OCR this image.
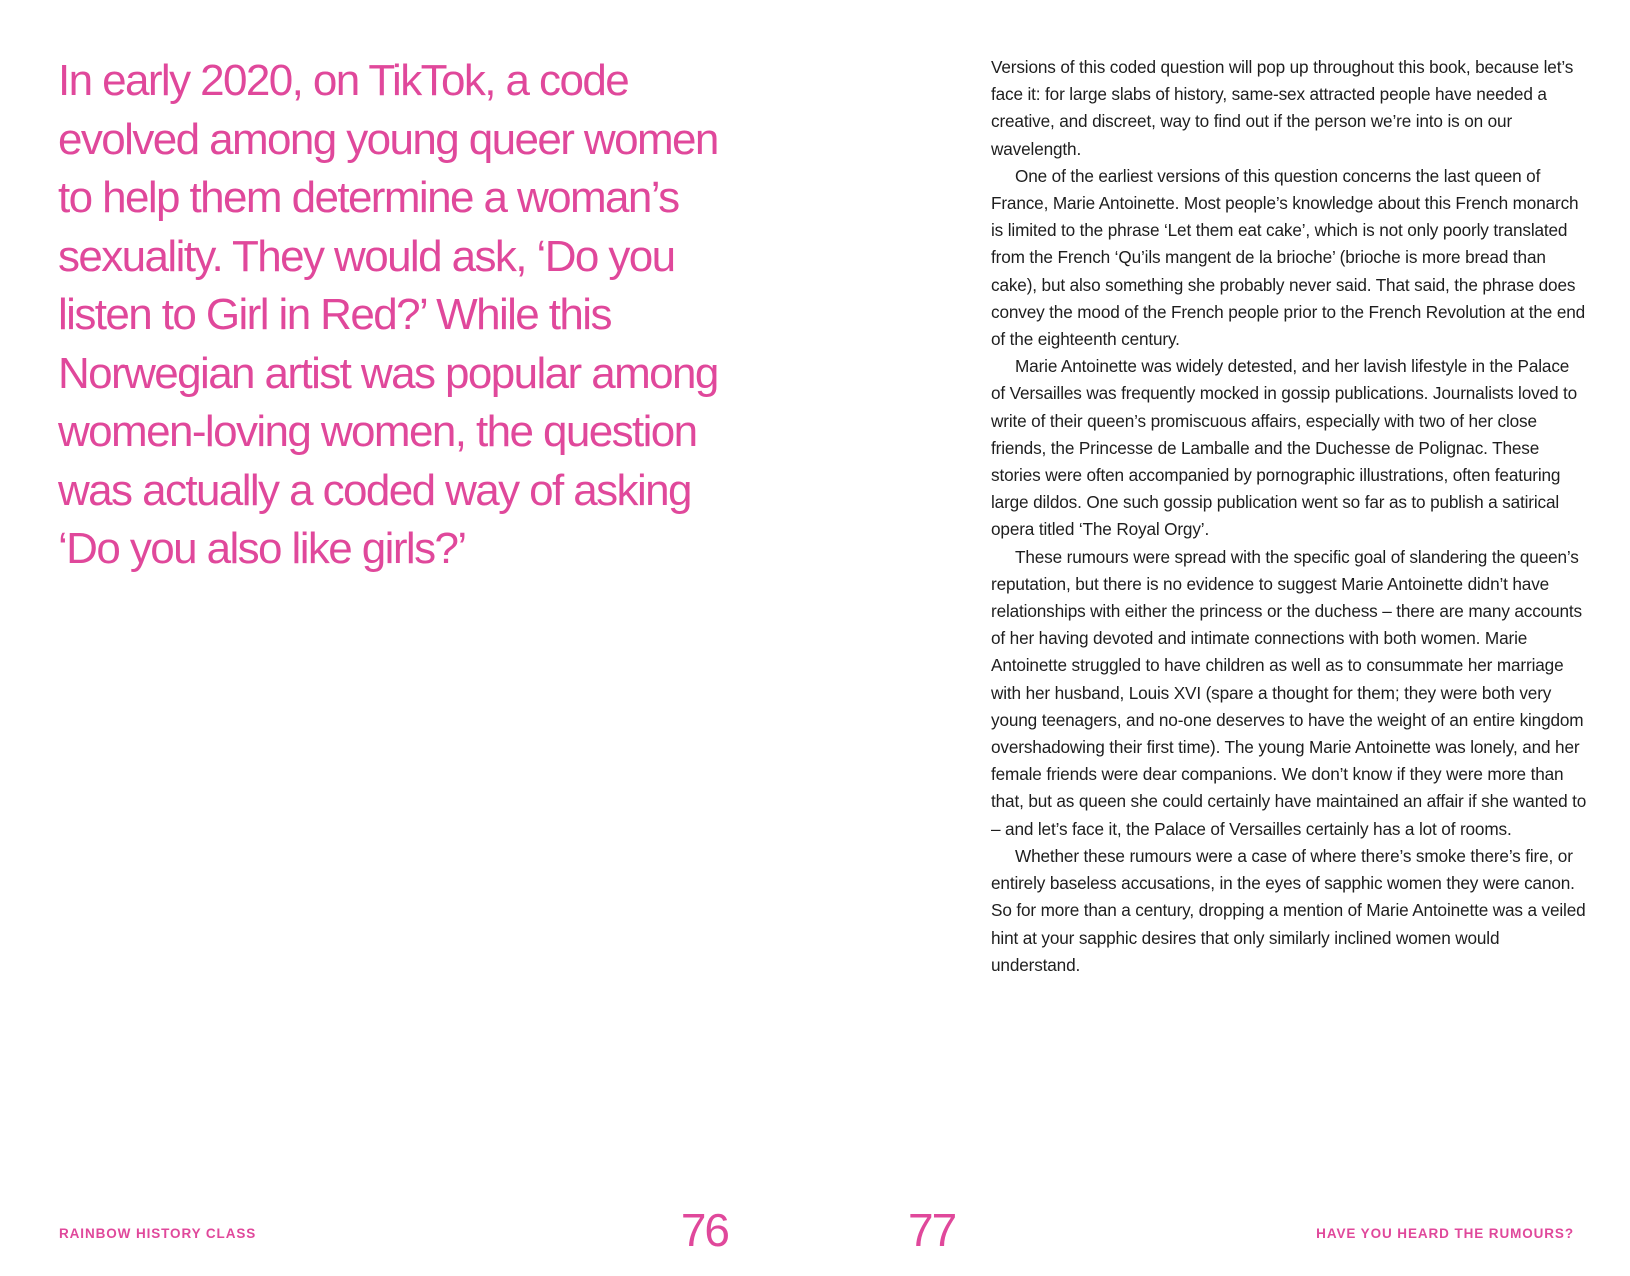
In early 2020, on TikTok, a code evolved among young queer women to help them determine a woman’s sexuality. They would ask, ‘Do you listen to Girl in Red?’ While this Norwegian artist was popular among women-loving women, the question was actually a coded way of asking ‘Do you also like girls?’

RAINBOW HISTORY CLASS	76

Versions of this coded question will pop up throughout this book, because let’s face it: for large slabs of history, same-sex attracted people have needed a creative, and discreet, way to find out if the person we’re into is on our wavelength.

One of the earliest versions of this question concerns the last queen of France, Marie Antoinette. Most people’s knowledge about this French monarch is limited to the phrase ‘Let them eat cake’, which is not only poorly translated from the French ‘Qu’ils mangent de la brioche’ (brioche is more bread than cake), but also something she probably never said. That said, the phrase does convey the mood of the French people prior to the French Revolution at the end of the eighteenth century.

Marie Antoinette was widely detested, and her lavish lifestyle in the Palace of Versailles was frequently mocked in gossip publications. Journalists loved to write of their queen’s promiscuous affairs, especially with two of her close friends, the Princesse de Lamballe and the Duchesse de Polignac. These stories were often accompanied by pornographic illustrations, often featuring large dildos. One such gossip publication went so far as to publish a satirical opera titled ‘The Royal Orgy’.

These rumours were spread with the specific goal of slandering the queen’s reputation, but there is no evidence to suggest Marie Antoinette didn’t have relationships with either the princess or the duchess – there are many accounts of her having devoted and intimate connections with both women. Marie Antoinette struggled to have children as well as to consummate her marriage with her husband, Louis XVI (spare a thought for them; they were both very young teenagers, and no-one deserves to have the weight of an entire kingdom overshadowing their first time). The young Marie Antoinette was lonely, and her female friends were dear companions. We don’t know if they were more than that, but as queen she could certainly have maintained an affair if she wanted to – and let’s face it, the Palace of Versailles certainly has a lot of rooms.

Whether these rumours were a case of where there’s smoke there’s fire, or entirely baseless accusations, in the eyes of sapphic women they were canon. So for more than a century, dropping a mention of Marie Antoinette was a veiled hint at your sapphic desires that only similarly inclined women would understand.

77	HAVE YOU HEARD THE RUMOURS?
